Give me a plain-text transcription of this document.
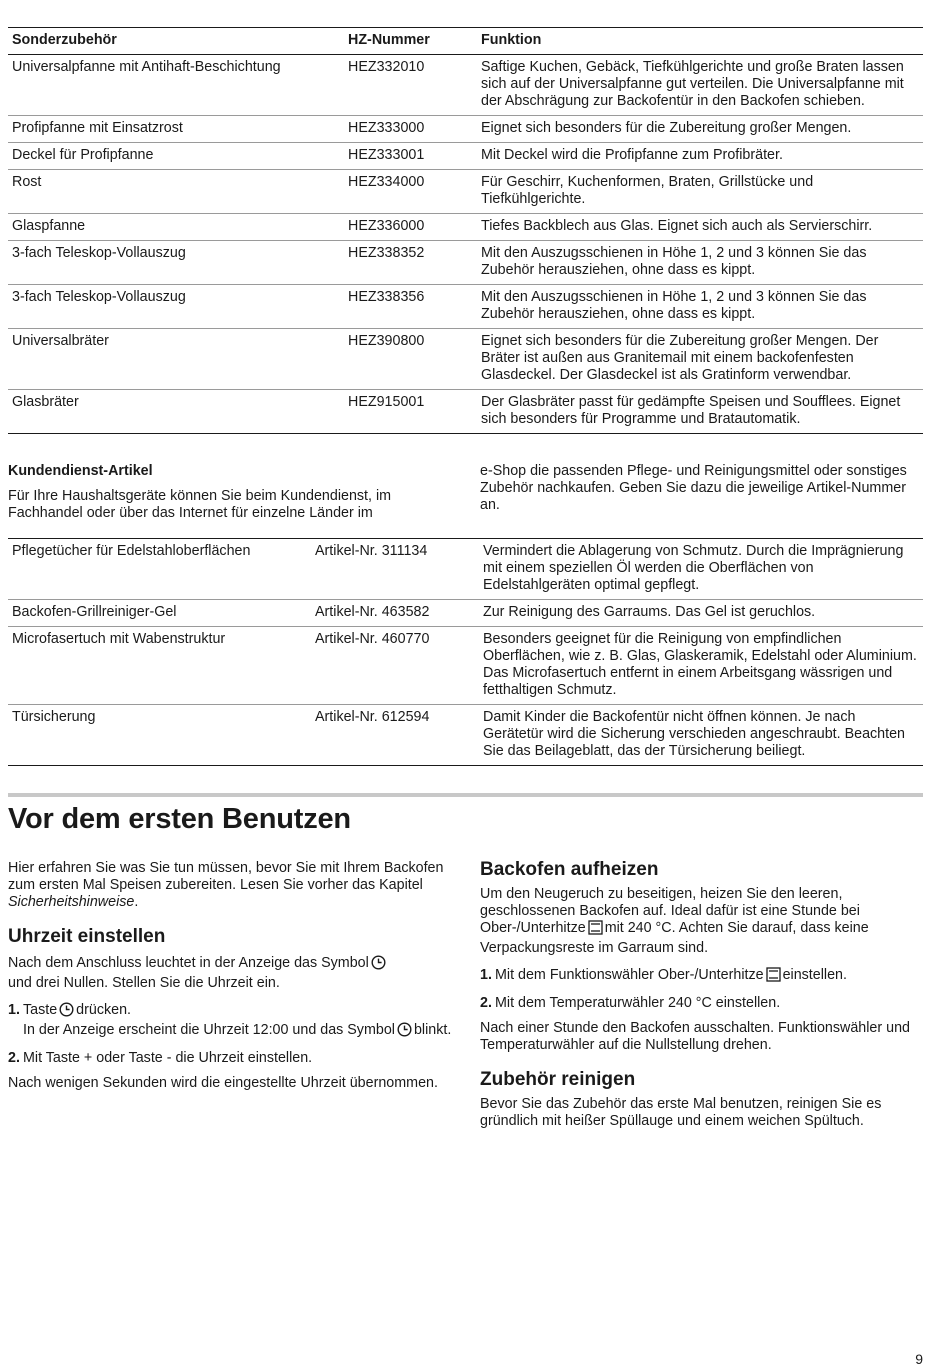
Sonderzubehör	HZ-Nummer	Funktion
Universalpfanne mit Antihaft-Beschichtung	HEZ332010	Saftige Kuchen, Gebäck, Tiefkühlgerichte und große Braten lassen sich auf der Universalpfanne gut verteilen. Die Universalpfanne mit der Abschrägung zur Backofentür in den Backofen schieben.
Profipfanne mit Einsatzrost	HEZ333000	Eignet sich besonders für die Zubereitung großer Mengen.
Deckel für Profipfanne	HEZ333001	Mit Deckel wird die Profipfanne zum Profibräter.
Rost	HEZ334000	Für Geschirr, Kuchenformen, Braten, Grillstücke und Tiefkühlgerichte.
Glaspfanne	HEZ336000	Tiefes Backblech aus Glas. Eignet sich auch als Servierschirr.
3-fach Teleskop-Vollauszug	HEZ338352	Mit den Auszugsschienen in Höhe 1, 2 und 3 können Sie das Zubehör herausziehen, ohne dass es kippt.
3-fach Teleskop-Vollauszug	HEZ338356	Mit den Auszugsschienen in Höhe 1, 2 und 3 können Sie das Zubehör herausziehen, ohne dass es kippt.
Universalbräter	HEZ390800	Eignet sich besonders für die Zubereitung großer Mengen. Der Bräter ist außen aus Granitemail mit einem backofenfesten Glasdeckel. Der Glasdeckel ist als Gratinform verwendbar.
Glasbräter	HEZ915001	Der Glasbräter passt für gedämpfte Speisen und Soufflees. Eignet sich besonders für Programme und Bratautomatik.
Kundendienst-Artikel
Für Ihre Haushaltsgeräte können Sie beim Kundendienst, im Fachhandel oder über das Internet für einzelne Länder im
e-Shop die passenden Pflege- und Reinigungsmittel oder sonstiges Zubehör nachkaufen. Geben Sie dazu die jeweilige Artikel-Nummer an.
Pflegetücher für Edelstahloberflächen	Artikel-Nr. 311134	Vermindert die Ablagerung von Schmutz. Durch die Imprägnierung mit einem speziellen Öl werden die Oberflächen von Edelstahlgeräten optimal gepflegt.
Backofen-Grillreiniger-Gel	Artikel-Nr. 463582	Zur Reinigung des Garraums. Das Gel ist geruchlos.
Microfasertuch mit Wabenstruktur	Artikel-Nr. 460770	Besonders geeignet für die Reinigung von empfindlichen Oberflächen, wie z. B. Glas, Glaskeramik, Edelstahl oder Aluminium. Das Microfasertuch entfernt in einem Arbeitsgang wässrigen und fetthaltigen Schmutz.
Türsicherung	Artikel-Nr. 612594	Damit Kinder die Backofentür nicht öffnen können. Je nach Gerätetür wird die Sicherung verschieden angeschraubt. Beachten Sie das Beilageblatt, das der Türsicherung beiliegt.
Vor dem ersten Benutzen

Hier erfahren Sie was Sie tun müssen, bevor Sie mit Ihrem Backofen zum ersten Mal Speisen zubereiten. Lesen Sie vorher das Kapitel Sicherheitshinweise.

Uhrzeit einstellen

Nach dem Anschluss leuchtet in der Anzeige das Symbol
und drei Nullen. Stellen Sie die Uhrzeit ein.

1. Taste drücken.
In der Anzeige erscheint die Uhrzeit 12:00 und das Symbol blinkt.
2. Mit Taste + oder Taste - die Uhrzeit einstellen.

Nach wenigen Sekunden wird die eingestellte Uhrzeit übernommen.

Backofen aufheizen

Um den Neugeruch zu beseitigen, heizen Sie den leeren, geschlossenen Backofen auf. Ideal dafür ist eine Stunde bei Ober-/Unterhitze mit 240 °C. Achten Sie darauf, dass keine Verpackungsreste im Garraum sind.

1. Mit dem Funktionswähler Ober-/Unterhitze einstellen.
2. Mit dem Temperaturwähler 240 °C einstellen.

Nach einer Stunde den Backofen ausschalten. Funktionswähler und Temperaturwähler auf die Nullstellung drehen.

Zubehör reinigen

Bevor Sie das Zubehör das erste Mal benutzen, reinigen Sie es gründlich mit heißer Spüllauge und einem weichen Spültuch.

9
